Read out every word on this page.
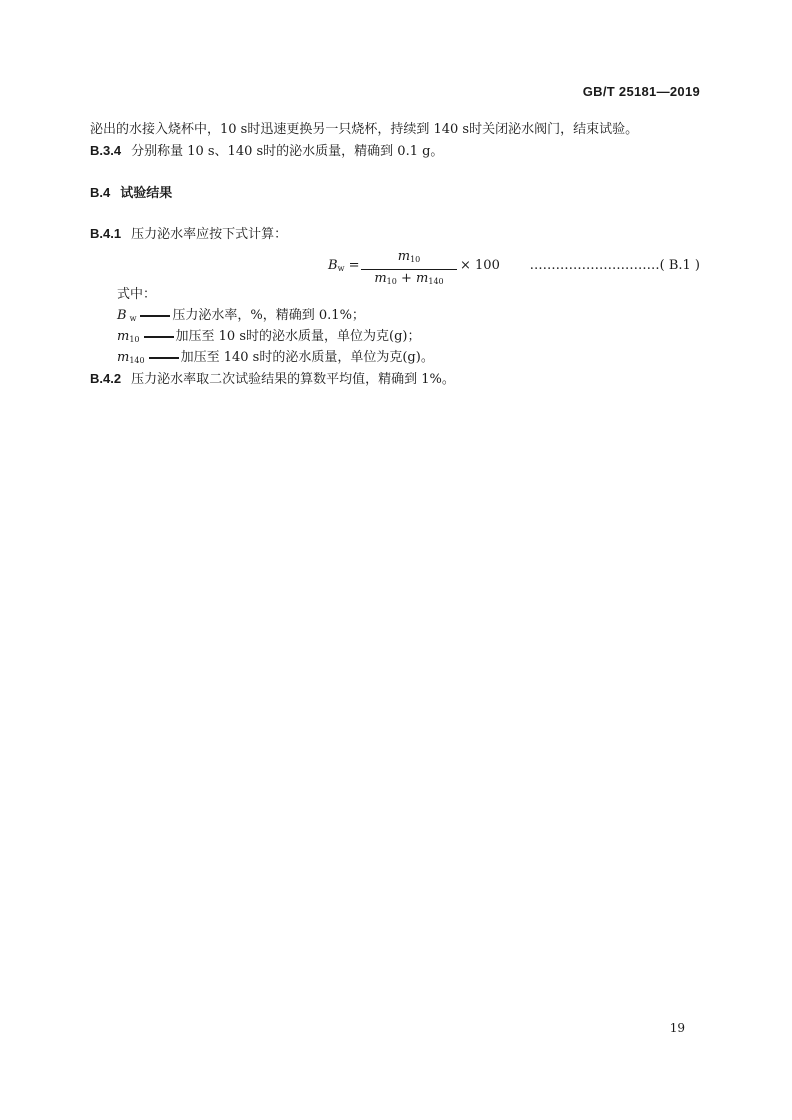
GB/T 25181—2019
泌出的水接入烧杯中，10 s时迅速更换另一只烧杯，持续到 140 s时关闭泌水阀门，结束试验。
B.3.4 分别称量 10 s、140 s时的泌水质量，精确到 0.1 g。
B.4 试验结果
B.4.1 压力泌水率应按下式计算：
$B_w$ =
$m_{10}$
$m_{10} + m_{140}$
× 100 …………………………( B.1 )
式中：
B $_w$	压力泌水率，%，精确到 0.1%；
$m_{10}$	加压至 10 s时的泌水质量，单位为克(g)；
$m_{140}$	加压至 140 s时的泌水质量，单位为克(g)。
B.4.2 压力泌水率取二次试验结果的算数平均值，精确到 1%。
19
